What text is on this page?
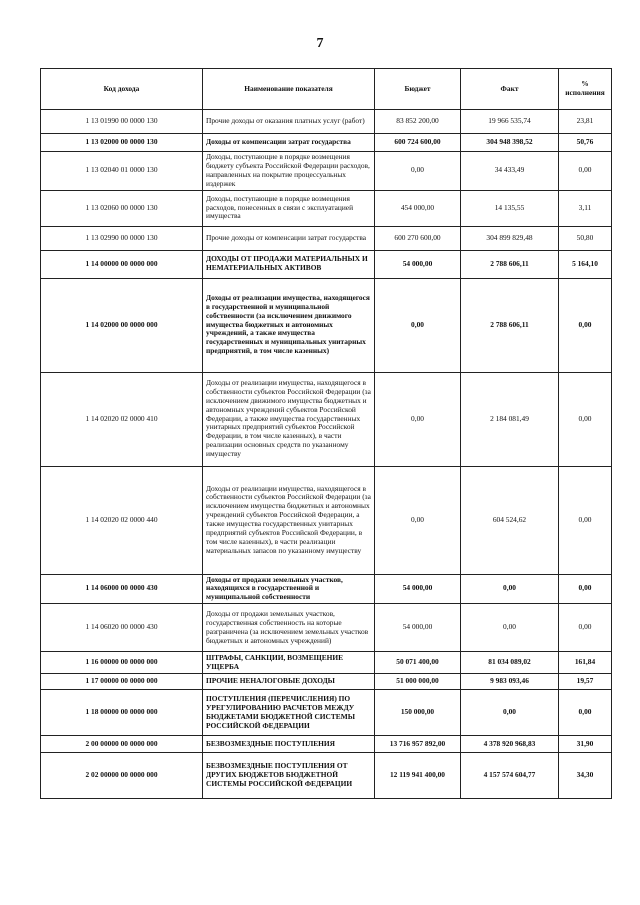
7
Код дохода	Наименование показателя	Бюджет	Факт	% исполнения
1 13 01990 00 0000 130	Прочие доходы от оказания платных услуг (работ)	83 852 200,00	19 966 535,74	23,81
1 13 02000 00 0000 130	Доходы от компенсации затрат государства	600 724 600,00	304 948 398,52	50,76
1 13 02040 01 0000 130	Доходы, поступающие в порядке возмещения бюджету субъекта Российской Федерации расходов, направленных на покрытие процессуальных издержек	0,00	34 433,49	0,00
1 13 02060 00 0000 130	Доходы, поступающие в порядке возмещения расходов, понесенных в связи с эксплуатацией имущества	454 000,00	14 135,55	3,11
1 13 02990 00 0000 130	Прочие доходы от компенсации затрат государства	600 270 600,00	304 899 829,48	50,80
1 14 00000 00 0000 000	ДОХОДЫ ОТ ПРОДАЖИ МАТЕРИАЛЬНЫХ И НЕМАТЕРИАЛЬНЫХ АКТИВОВ	54 000,00	2 788 606,11	5 164,10
1 14 02000 00 0000 000	Доходы от реализации имущества, находящегося в государственной и муниципальной собственности (за исключением движимого имущества бюджетных и автономных учреждений, а также имущества государственных и муниципальных унитарных предприятий, в том числе казенных)	0,00	2 788 606,11	0,00
1 14 02020 02 0000 410	Доходы от реализации имущества, находящегося в собственности субъектов Российской Федерации (за исключением движимого имущества бюджетных и автономных учреждений субъектов Российской Федерации, а также имущества государственных унитарных предприятий субъектов Российской Федерации, в том числе казенных), в части реализации основных средств по указанному имуществу	0,00	2 184 081,49	0,00
1 14 02020 02 0000 440	Доходы от реализации имущества, находящегося в собственности субъектов Российской Федерации (за исключением имущества бюджетных и автономных учреждений субъектов Российской Федерации, а также имущества государственных унитарных предприятий субъектов Российской Федерации, в том числе казенных), в части реализации материальных запасов по указанному имуществу	0,00	604 524,62	0,00
1 14 06000 00 0000 430	Доходы от продажи земельных участков, находящихся в государственной и муниципальной собственности	54 000,00	0,00	0,00
1 14 06020 00 0000 430	Доходы от продажи земельных участков, государственная собственность на которые разграничена (за исключением земельных участков бюджетных и автономных учреждений)	54 000,00	0,00	0,00
1 16 00000 00 0000 000	ШТРАФЫ, САНКЦИИ, ВОЗМЕЩЕНИЕ УЩЕРБА	50 071 400,00	81 034 089,02	161,84
1 17 00000 00 0000 000	ПРОЧИЕ НЕНАЛОГОВЫЕ ДОХОДЫ	51 000 000,00	9 983 093,46	19,57
1 18 00000 00 0000 000	ПОСТУПЛЕНИЯ (ПЕРЕЧИСЛЕНИЯ) ПО УРЕГУЛИРОВАНИЮ РАСЧЕТОВ МЕЖДУ БЮДЖЕТАМИ БЮДЖЕТНОЙ СИСТЕМЫ РОССИЙСКОЙ ФЕДЕРАЦИИ	150 000,00	0,00	0,00
2 00 00000 00 0000 000	БЕЗВОЗМЕЗДНЫЕ ПОСТУПЛЕНИЯ	13 716 957 892,00	4 378 920 968,83	31,90
2 02 00000 00 0000 000	БЕЗВОЗМЕЗДНЫЕ ПОСТУПЛЕНИЯ ОТ ДРУГИХ БЮДЖЕТОВ БЮДЖЕТНОЙ СИСТЕМЫ РОССИЙСКОЙ ФЕДЕРАЦИИ	12 119 941 400,00	4 157 574 604,77	34,30
